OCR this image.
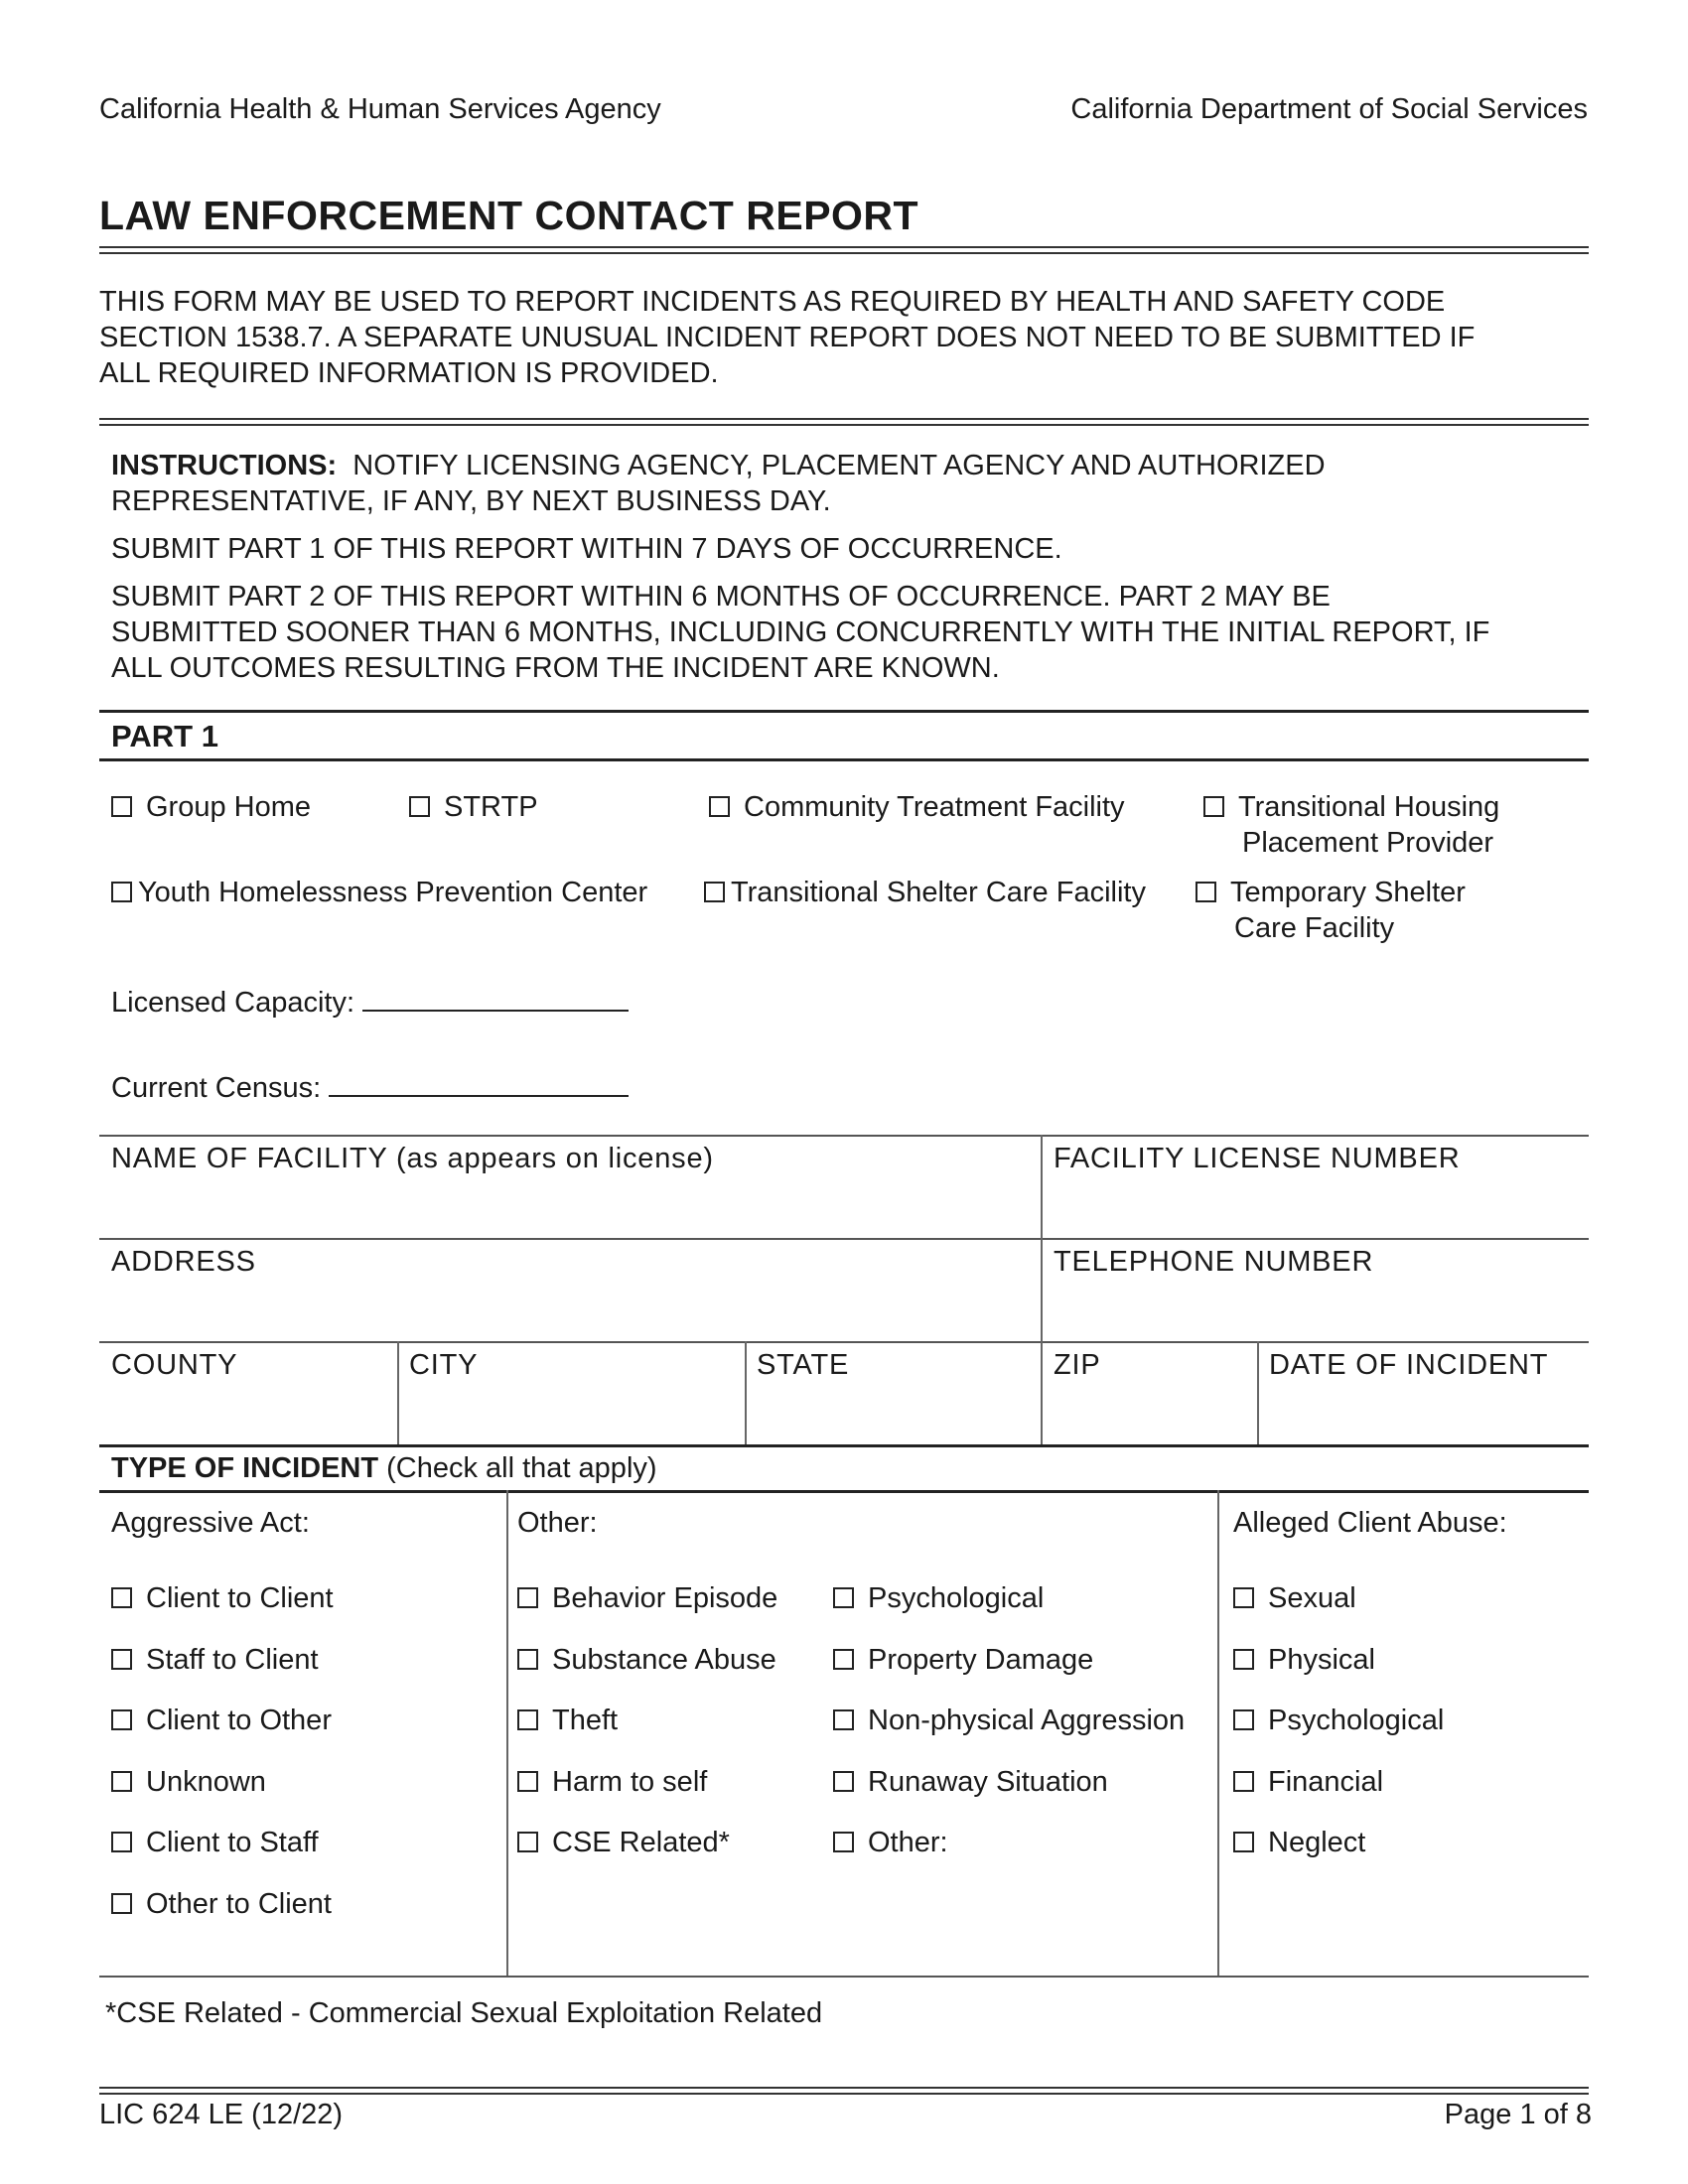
California Health & Human Services Agency	California Department of Social Services
LAW ENFORCEMENT CONTACT REPORT
THIS FORM MAY BE USED TO REPORT INCIDENTS AS REQUIRED BY HEALTH AND SAFETY CODE
SECTION 1538.7. A SEPARATE UNUSUAL INCIDENT REPORT DOES NOT NEED TO BE SUBMITTED IF
ALL REQUIRED INFORMATION IS PROVIDED.
INSTRUCTIONS: NOTIFY LICENSING AGENCY, PLACEMENT AGENCY AND AUTHORIZED
REPRESENTATIVE, IF ANY, BY NEXT BUSINESS DAY.
SUBMIT PART 1 OF THIS REPORT WITHIN 7 DAYS OF OCCURRENCE.
SUBMIT PART 2 OF THIS REPORT WITHIN 6 MONTHS OF OCCURRENCE. PART 2 MAY BE
SUBMITTED SOONER THAN 6 MONTHS, INCLUDING CONCURRENTLY WITH THE INITIAL REPORT, IF
ALL OUTCOMES RESULTING FROM THE INCIDENT ARE KNOWN.
PART 1
Group Home	STRTP	Community Treatment Facility	Transitional Housing
Placement Provider
Youth Homelessness Prevention Center	Transitional Shelter Care Facility	Temporary Shelter
Care Facility
Licensed Capacity:
Current Census:
NAME OF FACILITY (as appears on license)	FACILITY LICENSE NUMBER
ADDRESS	TELEPHONE NUMBER
COUNTY	CITY	STATE	ZIP	DATE OF INCIDENT
TYPE OF INCIDENT (Check all that apply)
Aggressive Act:	Other:	Alleged Client Abuse:
Client to Client
Staff to Client
Client to Other
Unknown
Client to Staff
Other to Client
Behavior Episode
Substance Abuse
Theft
Harm to self
CSE Related*
Psychological
Property Damage
Non-physical Aggression
Runaway Situation
Other:
Sexual
Physical
Psychological
Financial
Neglect
*CSE Related - Commercial Sexual Exploitation Related
LIC 624 LE (12/22)	Page 1 of 8
